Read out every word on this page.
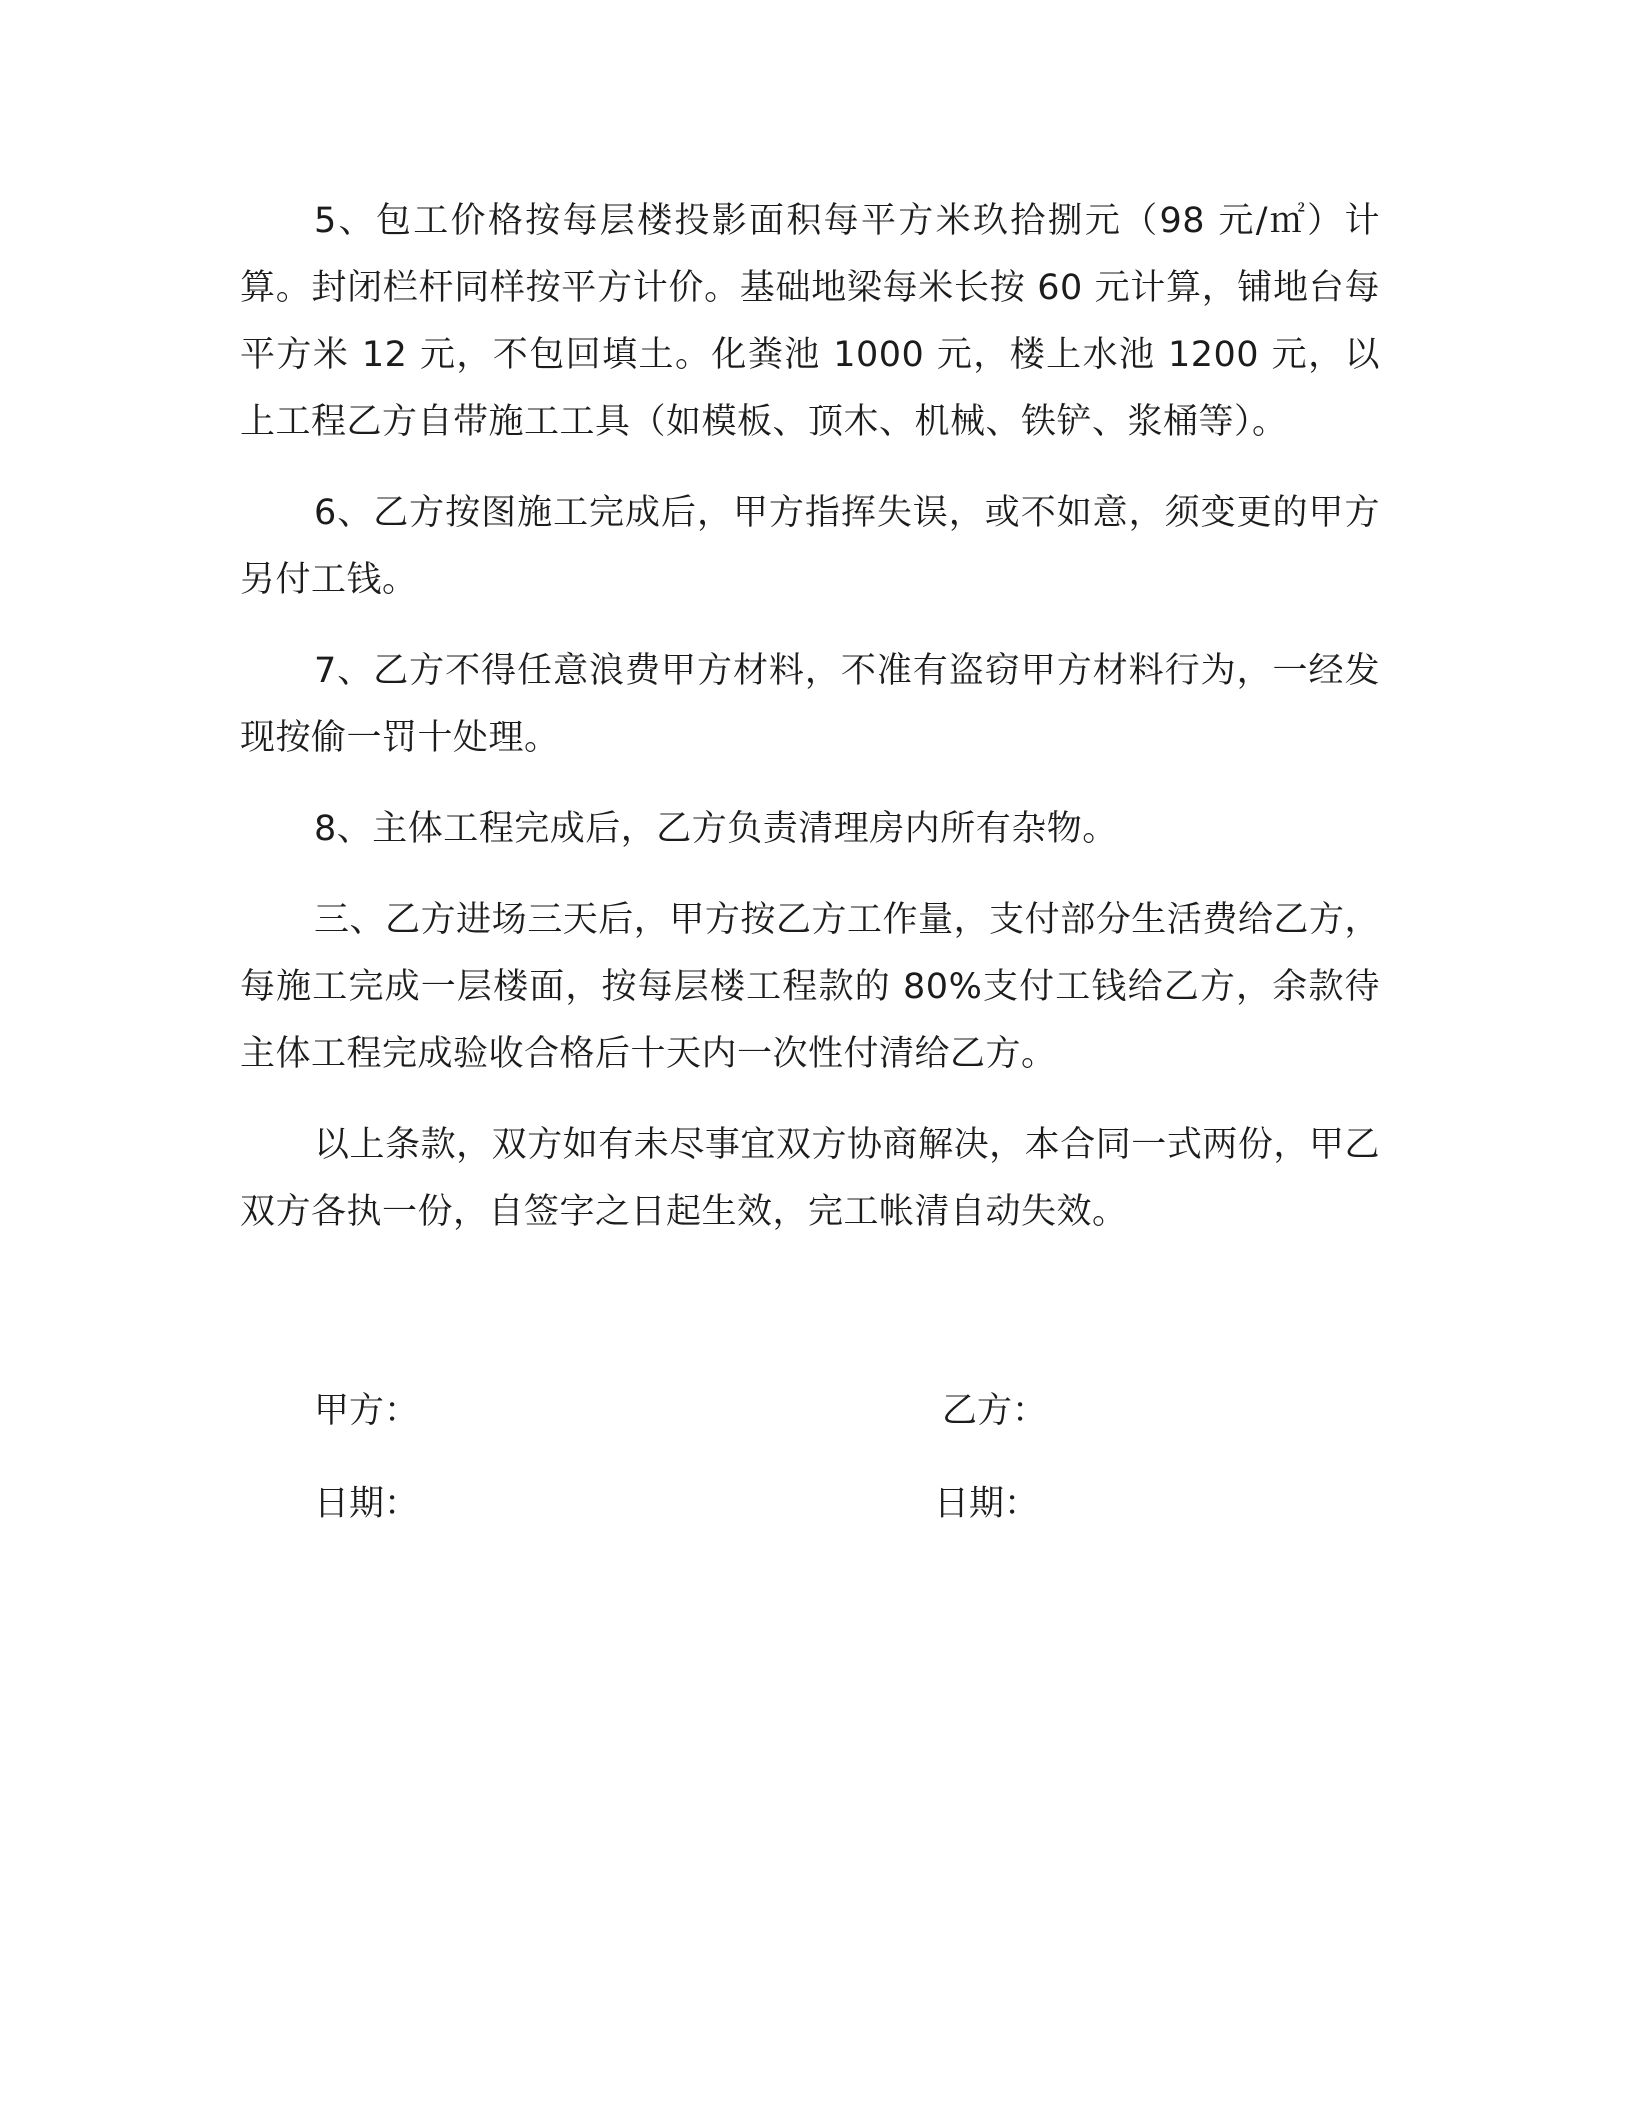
5、包工价格按每层楼投影面积每平方米玖拾捌元（98 元/㎡）计算。封闭栏杆同样按平方计价。基础地梁每米长按 60 元计算，铺地台每平方米 12 元，不包回填土。化粪池 1000 元，楼上水池 1200 元，以上工程乙方自带施工工具（如模板、顶木、机械、铁铲、浆桶等）。

6、乙方按图施工完成后，甲方指挥失误，或不如意，须变更的甲方另付工钱。

7、乙方不得任意浪费甲方材料，不准有盗窃甲方材料行为，一经发现按偷一罚十处理。

8、主体工程完成后，乙方负责清理房内所有杂物。

三、乙方进场三天后，甲方按乙方工作量，支付部分生活费给乙方，每施工完成一层楼面，按每层楼工程款的 80%支付工钱给乙方，余款待主体工程完成验收合格后十天内一次性付清给乙方。

以上条款，双方如有未尽事宜双方协商解决，本合同一式两份，甲乙双方各执一份，自签字之日起生效，完工帐清自动失效。

甲方：
日期：
乙方：
日期：
